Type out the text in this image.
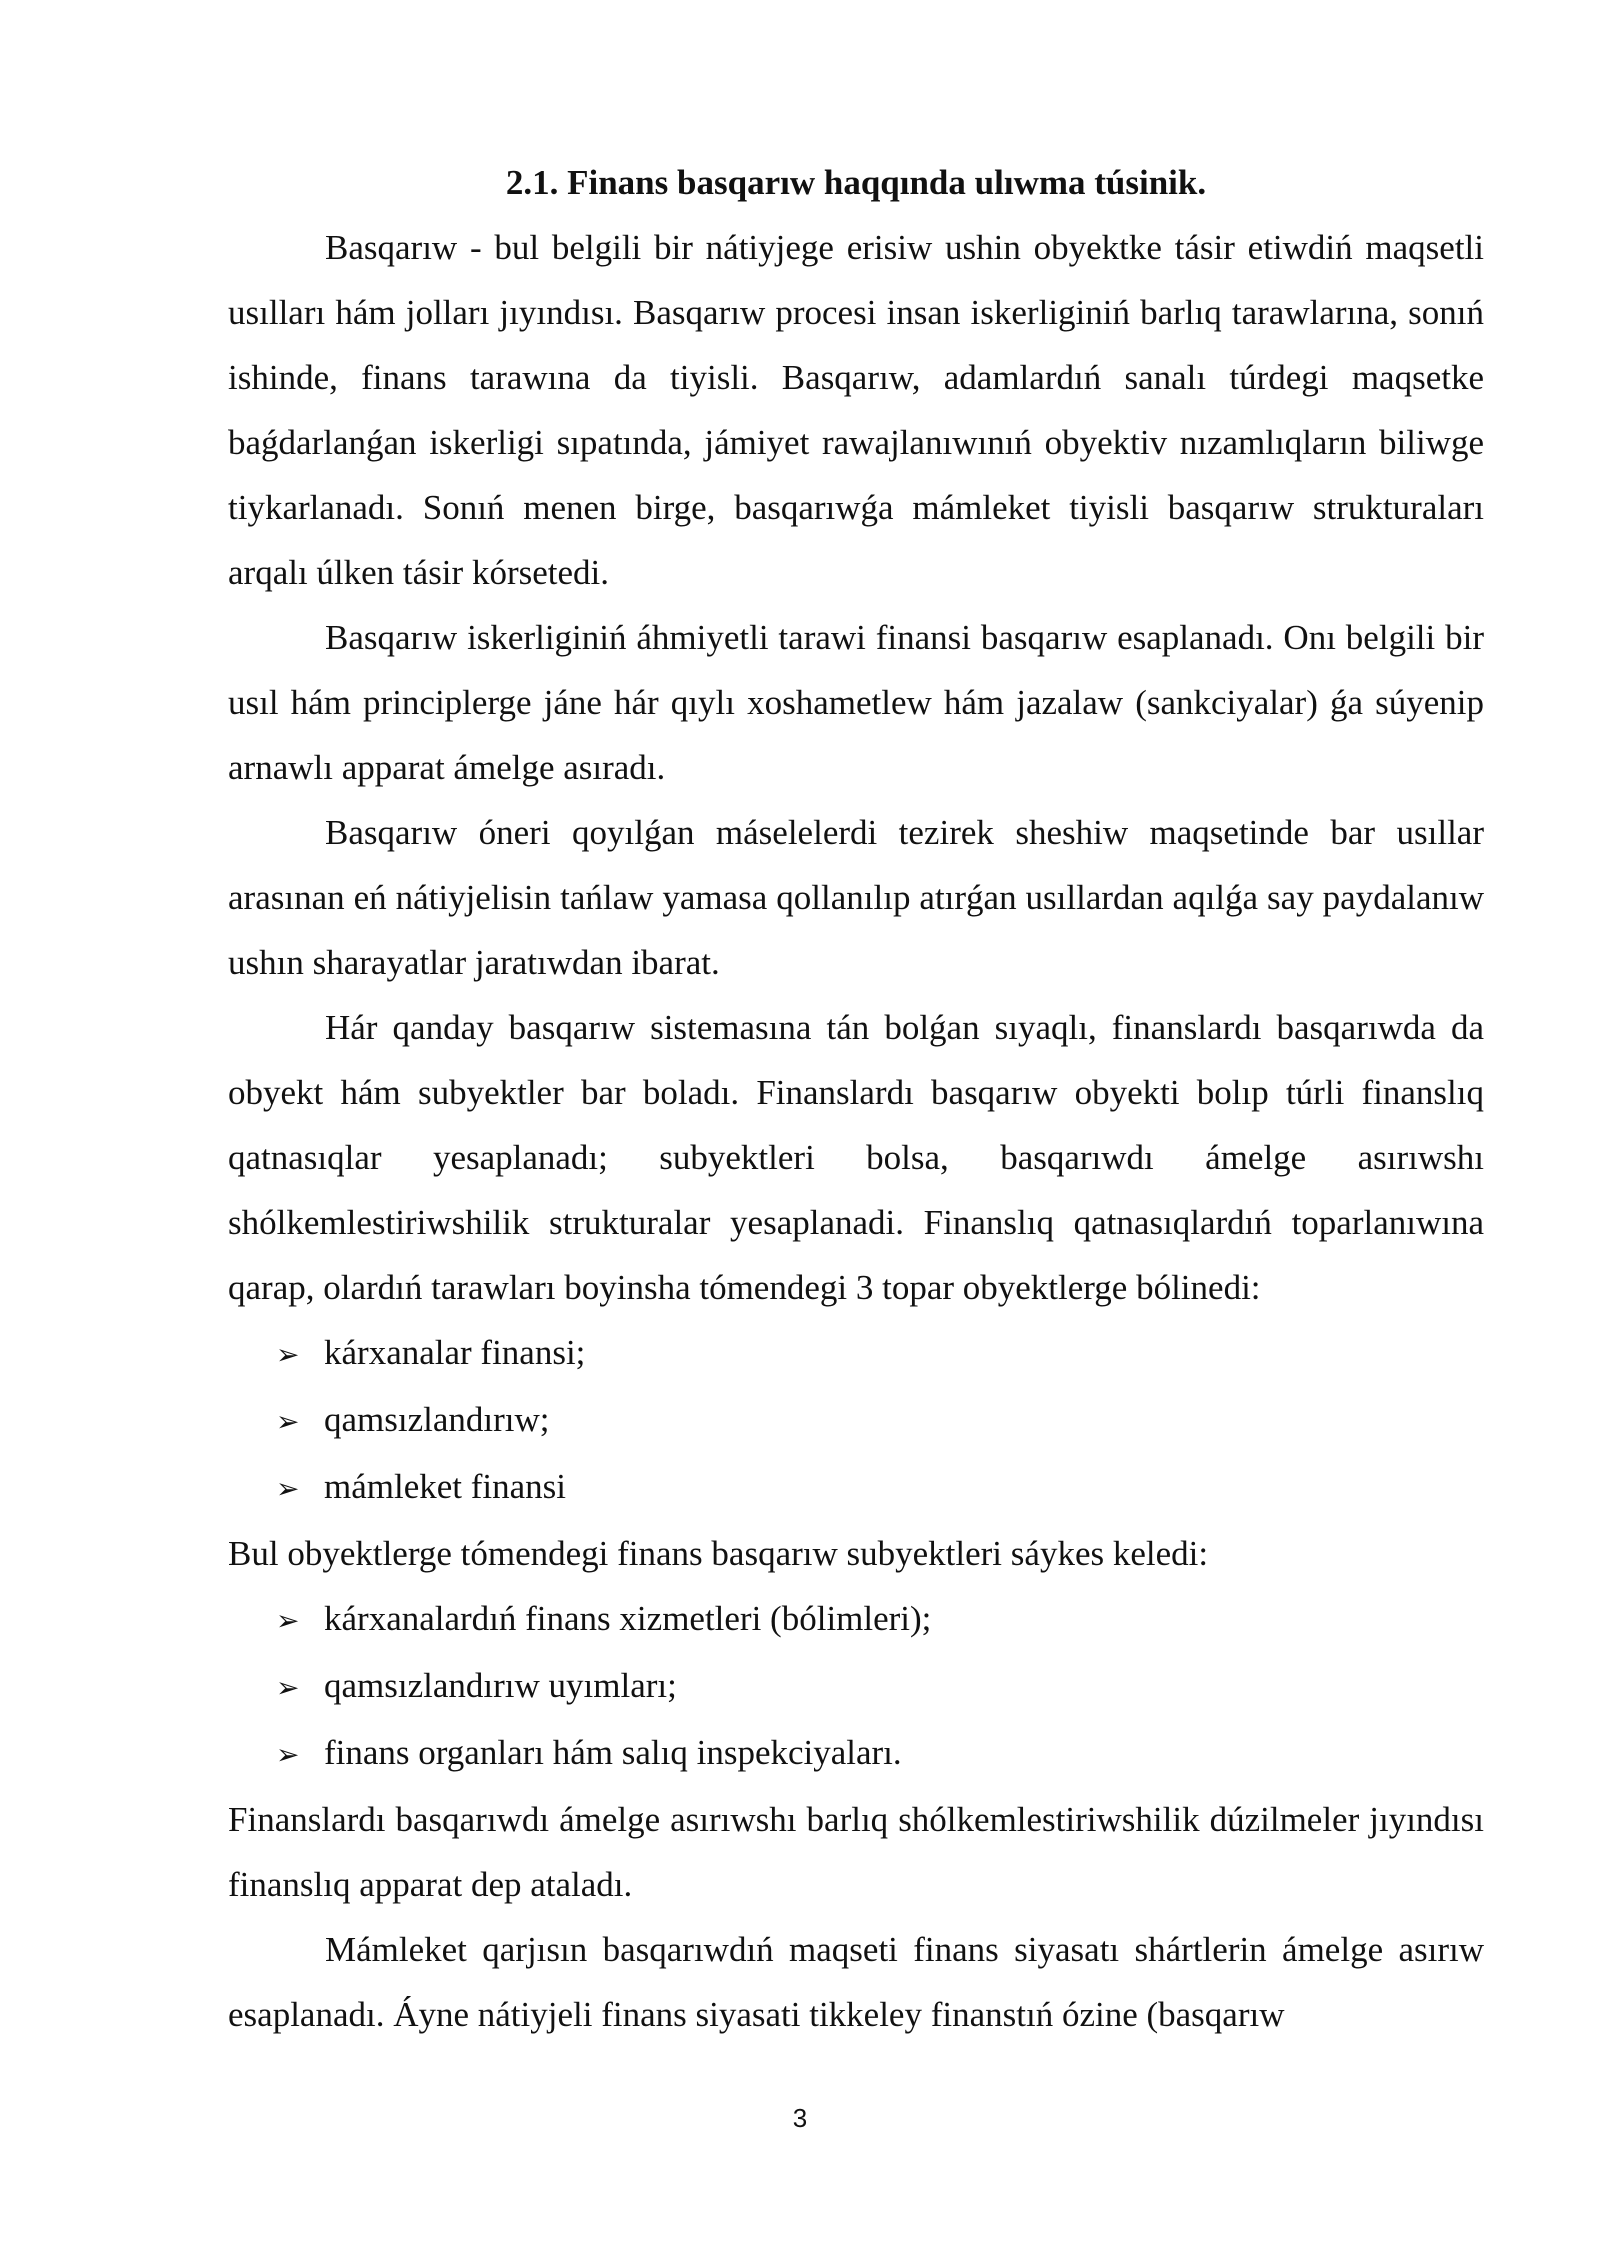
2.1. Finans basqarıw haqqında ulıwma túsinik.

Basqarıw - bul belgili bir nátiyjege erisiw ushin obyektke tásir etiwdiń maqsetli usılları hám jolları jıyındısı. Basqarıw procesi insan iskerliginiń barlıq tarawlarına, sonıń ishinde, finans tarawına da tiyisli. Basqarıw, adamlardıń sanalı túrdegi maqsetke baǵdarlanǵan iskerligi sıpatında, jámiyet rawajlanıwınıń obyektiv nızamlıqların biliwge tiykarlanadı. Sonıń menen birge, basqarıwǵa mámleket tiyisli basqarıw strukturaları arqalı úlken tásir kórsetedi.

Basqarıw iskerliginiń áhmiyetli tarawi finansi basqarıw esaplanadı. Onı belgili bir usıl hám principlerge jáne hár qıylı xoshametlew hám jazalaw (sankciyalar) ǵa súyenip arnawlı apparat ámelge asıradı.

Basqarıw óneri qoyılǵan máselelerdi tezirek sheshiw maqsetinde bar usıllar arasınan eń nátiyjelisin tańlaw yamasa qollanılıp atırǵan usıllardan aqılǵa say paydalanıw ushın sharayatlar jaratıwdan ibarat.

Hár qanday basqarıw sistemasına tán bolǵan sıyaqlı, finanslardı basqarıwda da obyekt hám subyektler bar boladı. Finanslardı basqarıw obyekti bolıp túrli finanslıq qatnasıqlar yesaplanadı; subyektleri bolsa, basqarıwdı ámelge asırıwshı shólkemlestiriwshilik strukturalar yesaplanadi. Finanslıq qatnasıqlardıń toparlanıwına qarap, olardıń tarawları boyinsha tómendegi 3 topar obyektlerge bólinedi:

➢ kárxanalar finansi;
➢ qamsızlandırıw;
➢ mámleket finansi

Bul obyektlerge tómendegi finans basqarıw subyektleri sáykes keledi:

➢ kárxanalardıń finans xizmetleri (bólimleri);
➢ qamsızlandırıw uyımları;
➢ finans organları hám salıq inspekciyaları.

Finanslardı basqarıwdı ámelge asırıwshı barlıq shólkemlestiriwshilik dúzilmeler jıyındısı finanslıq apparat dep ataladı.

Mámleket qarjısın basqarıwdıń maqseti finans siyasatı shártlerin ámelge asırıw esaplanadı. Áyne nátiyjeli finans siyasati tikkeley finanstıń ózine (basqarıw

3
